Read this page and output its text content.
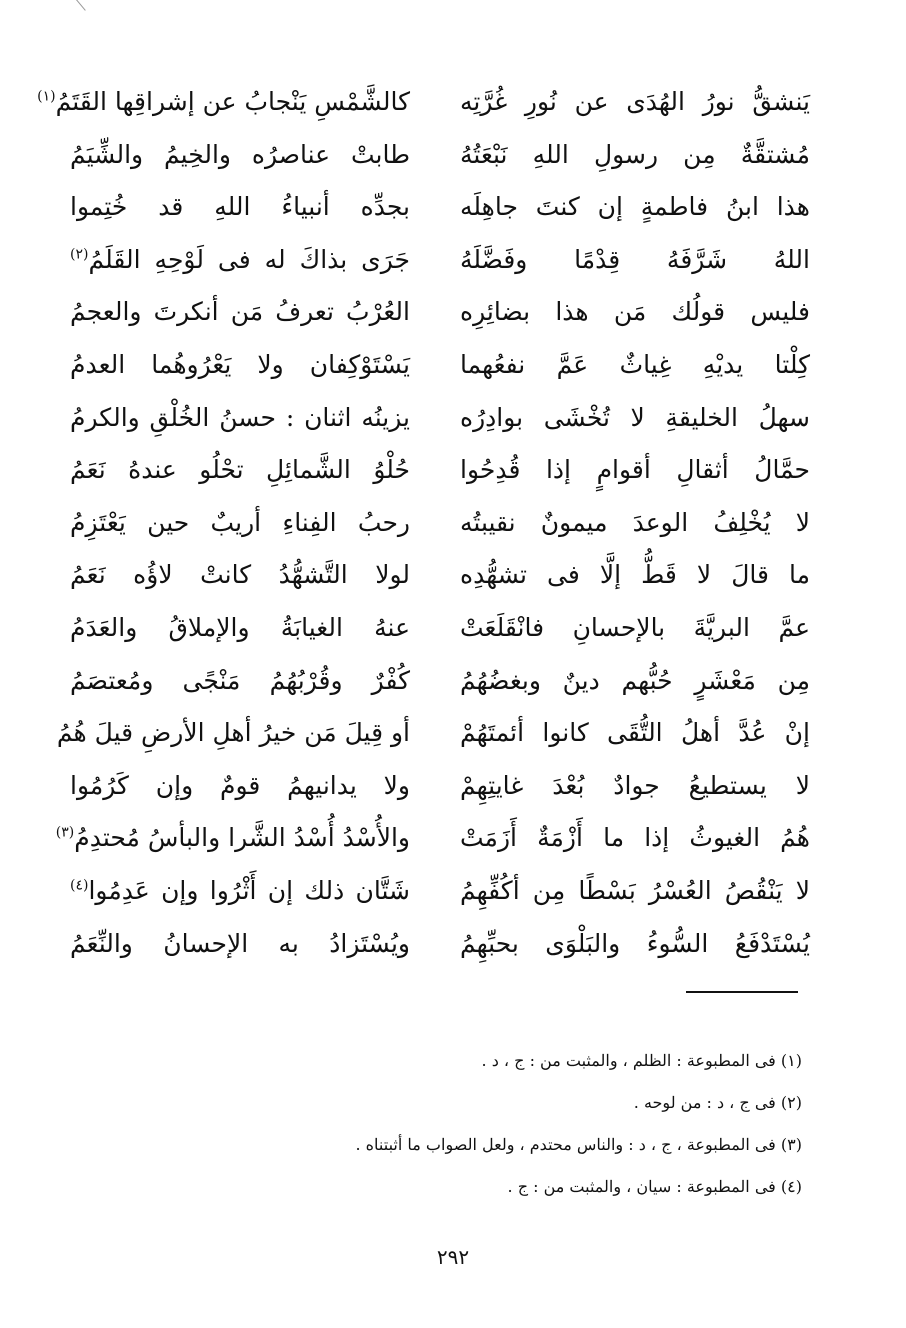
يَنشقُّ نورُ الهُدَى عن نُورِ غُرَّتِه
كالشَّمْسِ يَنْجابُ عن إشراقِها القَتَمُ$^{(١)}$
مُشتقَّةٌ مِن رسولِ اللهِ نَبْعَتُهُ
طابتْ عناصرُه والخِيمُ والشِّيَمُ
هذا ابنُ فاطمةٍ إن كنتَ جاهِلَه
بجدِّه أنبياءُ اللهِ قد خُتِموا
اللهُ شَرَّفَهُ قِدْمًا وفَضَّلَهُ
جَرَى بذاكَ له فى لَوْحِهِ القَلَمُ$^{(٢)}$
فليس قولُك مَن هذا بضائِرِه
العُرْبُ تعرفُ مَن أنكرتَ والعجمُ
كِلْتا يديْهِ غِياثٌ عَمَّ نفعُهما
يَسْتَوْكِفان ولا يَعْرُوهُما العدمُ
سهلُ الخليقةِ لا تُخْشَى بوادِرُه
يزينُه اثنان : حسنُ الخُلْقِ والكرمُ
حمَّالُ أثقالِ أقوامٍ إذا قُدِحُوا
حُلْوُ الشَّمائِلِ تحْلُو عندهُ نَعَمُ
لا يُخْلِفُ الوعدَ ميمونٌ نقيبتُه
رحبُ الفِناءِ أريبٌ حين يَعْتَزِمُ
ما قالَ لا قَطُّ إلَّا فى تشهُّدِه
لولا التَّشهُّدُ كانتْ لاؤُه نَعَمُ
عمَّ البريَّةَ بالإحسانِ فانْقَلَعَتْ
عنهُ الغيابَةُ والإملاقُ والعَدَمُ
مِن مَعْشَرٍ حُبُّهم دينٌ وبغضُهُمُ
كُفْرٌ وقُرْبُهُمُ مَنْجًى ومُعتصَمُ
إنْ عُدَّ أهلُ التُّقَى كانوا أئمتَهُمْ
أو قِيلَ مَن خيرُ أهلِ الأرضِ قيلَ هُمُ
لا يستطيعُ جوادٌ بُعْدَ غايتِهِمْ
ولا يدانيهمُ قومٌ وإن كَرُمُوا
هُمُ الغيوثُ إذا ما أَزْمَةٌ أَزَمَتْ
والأُسْدُ أُسْدُ الشَّرا والبأسُ مُحتدِمُ$^{(٣)}$
لا يَنْقُصُ العُسْرُ بَسْطًا مِن أكُفِّهِمُ
شَتَّان ذلك إن أَثْرُوا وإن عَدِمُوا$^{(٤)}$
يُسْتَدْفَعُ السُّوءُ والبَلْوَى بحبِّهِمُ
ويُسْتَزادُ به الإحسانُ والنِّعَمُ
(١) فى المطبوعة : الظلم ، والمثبت من : ج ، د .
(٢) فى ج ، د : من لوحه .
(٣) فى المطبوعة ، ج ، د : والناس محتدم ، ولعل الصواب ما أثبتناه .
(٤) فى المطبوعة : سيان ، والمثبت من : ج .
٢٩٢
